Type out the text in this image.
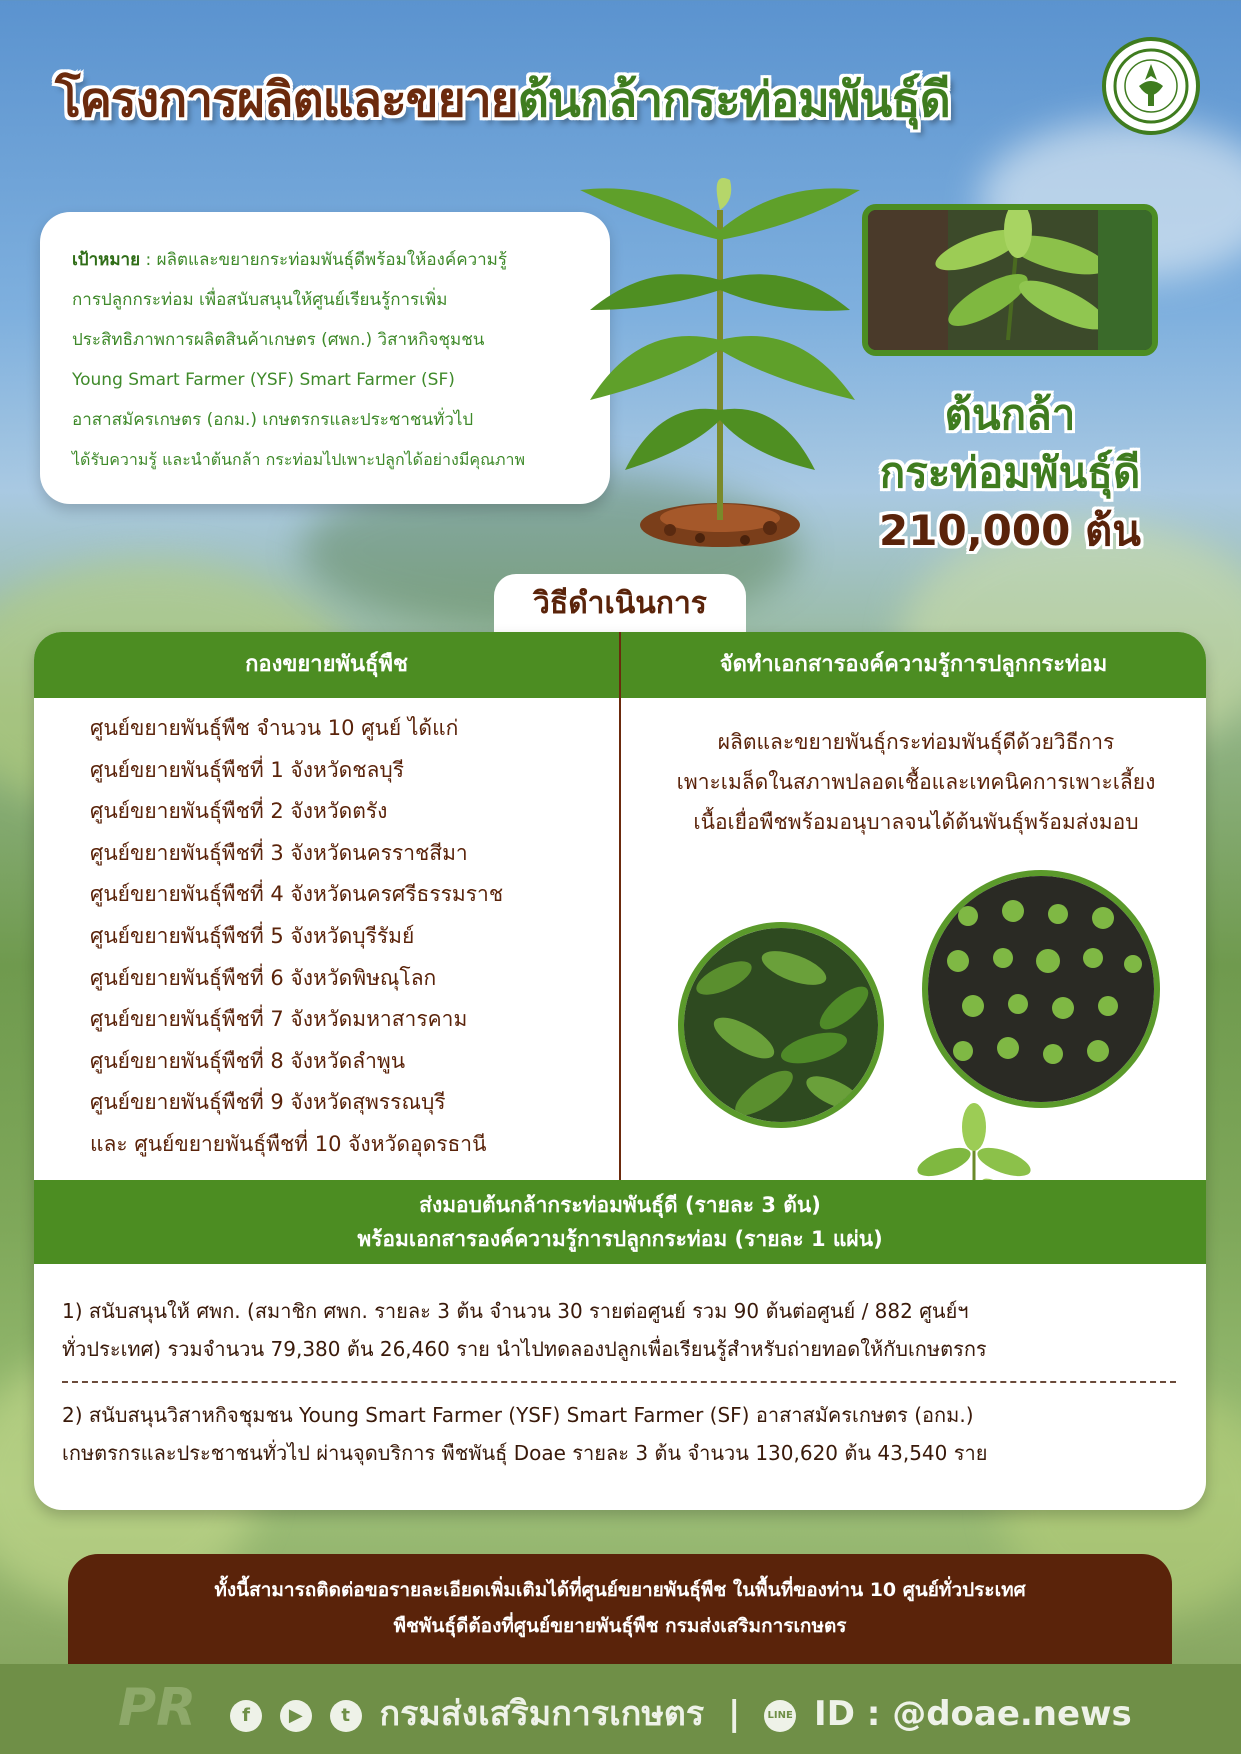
โครงการผลิตและขยายต้นกล้ากระท่อมพันธุ์ดี
เป้าหมาย : ผลิตและขยายกระท่อมพันธุ์ดีพร้อมให้องค์ความรู้
การปลูกกระท่อม เพื่อสนับสนุนให้ศูนย์เรียนรู้การเพิ่ม
ประสิทธิภาพการผลิตสินค้าเกษตร (ศพก.) วิสาหกิจชุมชน
Young Smart Farmer (YSF) Smart Farmer (SF)
อาสาสมัครเกษตร (อกม.) เกษตรกรและประชาชนทั่วไป
ได้รับความรู้ และนำต้นกล้า กระท่อมไปเพาะปลูกได้อย่างมีคุณภาพ
ต้นกล้า
กระท่อมพันธุ์ดี
210,000 ต้น
วิธีดำเนินการ
กองขยายพันธุ์พืช	จัดทำเอกสารองค์ความรู้การปลูกกระท่อม
ศูนย์ขยายพันธุ์พืช จำนวน 10 ศูนย์ ได้แก่
ศูนย์ขยายพันธุ์พืชที่ 1 จังหวัดชลบุรี
ศูนย์ขยายพันธุ์พืชที่ 2 จังหวัดตรัง
ศูนย์ขยายพันธุ์พืชที่ 3 จังหวัดนครราชสีมา
ศูนย์ขยายพันธุ์พืชที่ 4 จังหวัดนครศรีธรรมราช
ศูนย์ขยายพันธุ์พืชที่ 5 จังหวัดบุรีรัมย์
ศูนย์ขยายพันธุ์พืชที่ 6 จังหวัดพิษณุโลก
ศูนย์ขยายพันธุ์พืชที่ 7 จังหวัดมหาสารคาม
ศูนย์ขยายพันธุ์พืชที่ 8 จังหวัดลำพูน
ศูนย์ขยายพันธุ์พืชที่ 9 จังหวัดสุพรรณบุรี
และ ศูนย์ขยายพันธุ์พืชที่ 10 จังหวัดอุดรธานี
ผลิตและขยายพันธุ์กระท่อมพันธุ์ดีด้วยวิธีการ
เพาะเมล็ดในสภาพปลอดเชื้อและเทคนิคการเพาะเลี้ยง
เนื้อเยื่อพืชพร้อมอนุบาลจนได้ต้นพันธุ์พร้อมส่งมอบ
ส่งมอบต้นกล้ากระท่อมพันธุ์ดี (รายละ 3 ต้น)
พร้อมเอกสารองค์ความรู้การปลูกกระท่อม (รายละ 1 แผ่น)
1) สนับสนุนให้ ศพก. (สมาชิก ศพก. รายละ 3 ต้น จำนวน 30 รายต่อศูนย์ รวม 90 ต้นต่อศูนย์ / 882 ศูนย์ฯ
ทั่วประเทศ) รวมจำนวน 79,380 ต้น 26,460 ราย นำไปทดลองปลูกเพื่อเรียนรู้สำหรับถ่ายทอดให้กับเกษตรกร
2) สนับสนุนวิสาหกิจชุมชน Young Smart Farmer (YSF) Smart Farmer (SF) อาสาสมัครเกษตร (อกม.)
เกษตรกรและประชาชนทั่วไป ผ่านจุดบริการ พืชพันธุ์ Doae รายละ 3 ต้น จำนวน 130,620 ต้น 43,540 ราย
ทั้งนี้สามารถติดต่อขอรายละเอียดเพิ่มเติมได้ที่ศูนย์ขยายพันธุ์พืช ในพื้นที่ของท่าน 10 ศูนย์ทั่วประเทศ
พืชพันธุ์ดีต้องที่ศูนย์ขยายพันธุ์พืช กรมส่งเสริมการเกษตร
PR	f
	▶
	t กรมส่งเสริมการเกษตร |	LINE ID : @doae.news
